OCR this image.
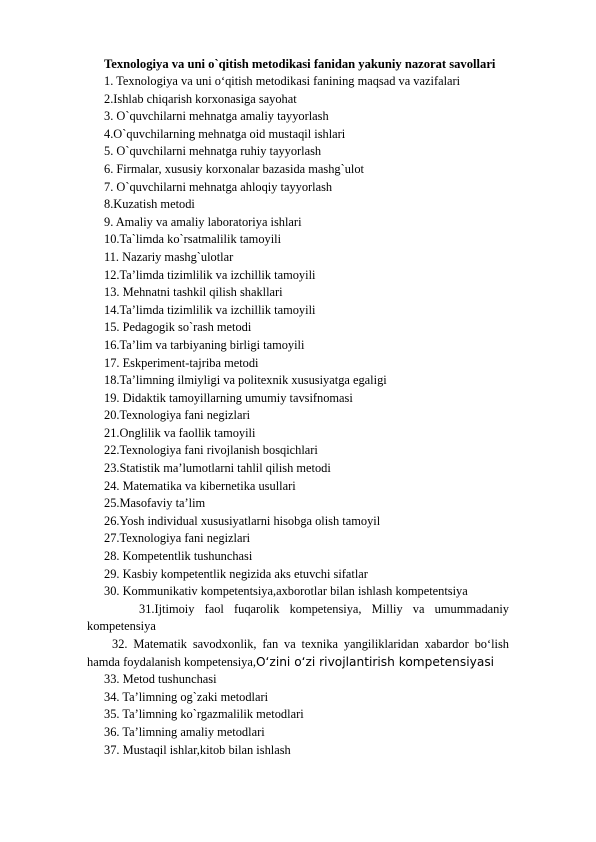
Texnologiya va uni o`qitish metodikasi fanidan yakuniy nazorat savollari
1. Texnologiya va uni o‘qitish metodikasi fanining maqsad va vazifalari
2.Ishlab chiqarish korxonasiga sayohat
3. O`quvchilarni mehnatga amaliy tayyorlash
4.O`quvchilarning mehnatga oid mustaqil ishlari
5. O`quvchilarni mehnatga ruhiy tayyorlash
6. Firmalar, xususiy korxonalar bazasida mashg`ulot
7. O`quvchilarni mehnatga ahloqiy tayyorlash
8.Kuzatish metodi
9. Amaliy va amaliy laboratoriya ishlari
10.Ta`limda ko`rsatmalilik tamoyili
11. Nazariy mashg`ulotlar
12.Ta’limda tizimlilik va izchillik tamoyili
13. Mehnatni tashkil qilish shakllari
14.Ta’limda tizimlilik va izchillik tamoyili
15. Pedagogik so`rash metodi
16.Ta’lim va tarbiyaning birligi tamoyili
17. Eskperiment-tajriba metodi
18.Ta’limning ilmiyligi va politexnik xususiyatga egaligi
19. Didaktik tamoyillarning umumiy tavsifnomasi
20.Texnologiya fani negizlari
21.Onglilik va faollik tamoyili
22.Texnologiya fani rivojlanish bosqichlari
23.Statistik ma’lumotlarni tahlil qilish metodi
24. Matematika va kibernetika usullari
25.Masofaviy ta’lim
26.Yosh individual xususiyatlarni hisobga olish tamoyil
27.Texnologiya fani negizlari
28. Kompetentlik tushunchasi
29. Kasbiy kompetentlik negizida aks etuvchi sifatlar
30. Kommunikativ kompetentsiya,axborotlar bilan ishlash kompetentsiya
31.Ijtimoiy faol fuqarolik kompetensiya, Milliy va umummadaniy kompetensiya
32. Matematik savodxonlik, fan va texnika yangiliklaridan xabardor bo‘lish hamda foydalanish kompetensiya,O‘zini o‘zi rivojlantirish kompetensiyasi
33. Metod tushunchasi
34. Ta’limning og`zaki metodlari
35. Ta’limning ko`rgazmalilik metodlari
36. Ta’limning amaliy metodlari
37. Mustaqil ishlar,kitob bilan ishlash
